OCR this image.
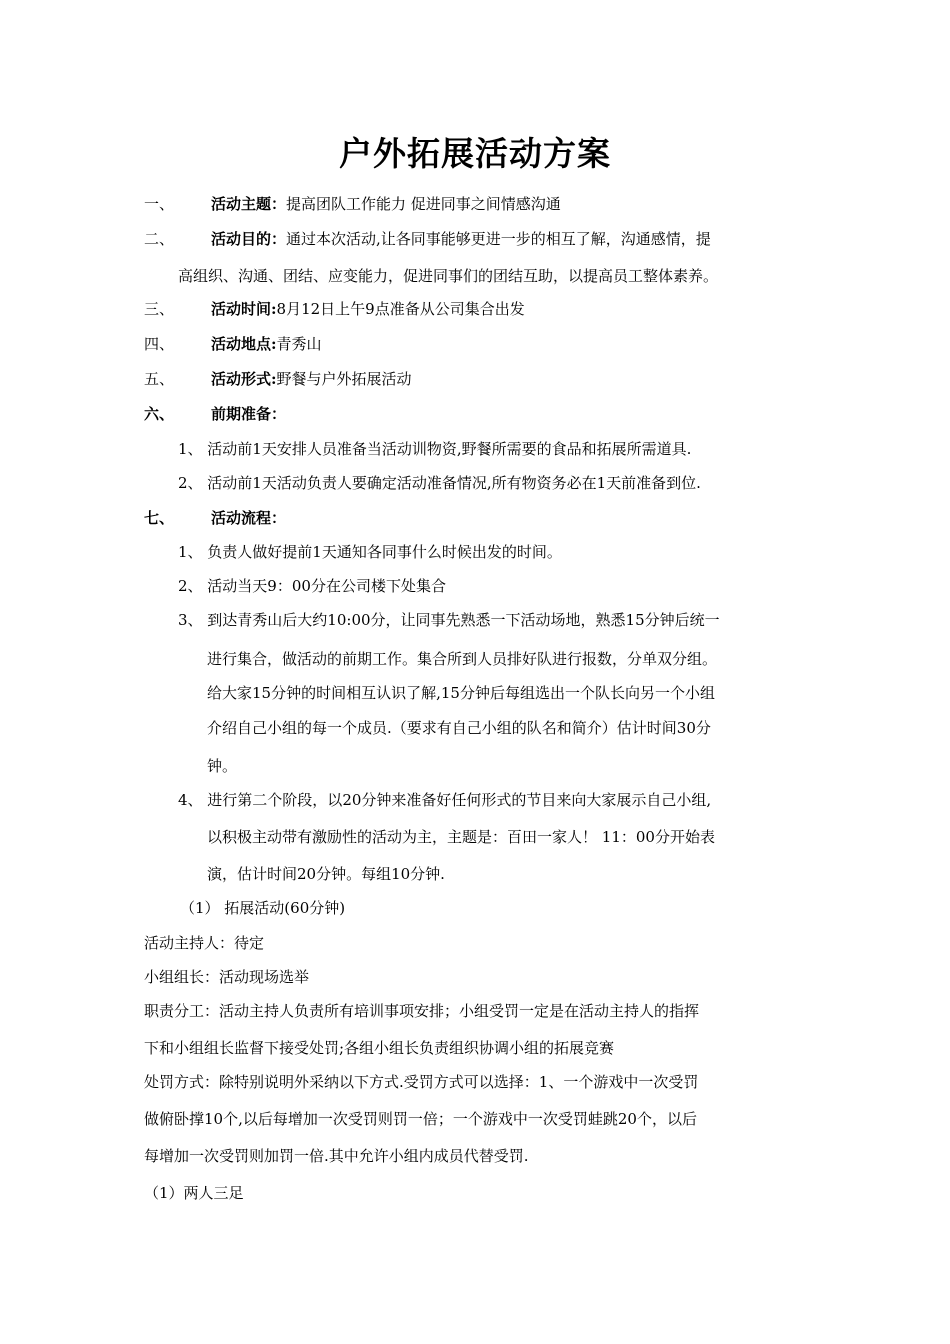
户外拓展活动方案
一、 活动主题：提高团队工作能力 促进同事之间情感沟通
二、 活动目的：通过本次活动,让各同事能够更进一步的相互了解，沟通感情，提
高组织、沟通、团结、应变能力，促进同事们的团结互助，以提高员工整体素养。
三、 活动时间:8月12日上午9点准备从公司集合出发
四、 活动地点:青秀山
五、 活动形式:野餐与户外拓展活动
六、 前期准备：
1、 活动前1天安排人员准备当活动训物资,野餐所需要的食品和拓展所需道具.
2、 活动前1天活动负责人要确定活动准备情况,所有物资务必在1天前准备到位.
七、 活动流程：
1、 负责人做好提前1天通知各同事什么时候出发的时间。
2、 活动当天9：00分在公司楼下处集合
3、 到达青秀山后大约10:00分，让同事先熟悉一下活动场地，熟悉15分钟后统一
进行集合，做活动的前期工作。集合所到人员排好队进行报数，分单双分组。
给大家15分钟的时间相互认识了解,15分钟后每组选出一个队长向另一个小组
介绍自己小组的每一个成员.（要求有自己小组的队名和简介）估计时间30分
钟。
4、 进行第二个阶段，以20分钟来准备好任何形式的节目来向大家展示自己小组,
以积极主动带有激励性的活动为主，主题是：百田一家人！ 11：00分开始表
演，估计时间20分钟。每组10分钟.
（1） 拓展活动(60分钟)
活动主持人：待定
小组组长：活动现场选举
职责分工：活动主持人负责所有培训事项安排；小组受罚一定是在活动主持人的指挥
下和小组组长监督下接受处罚;各组小组长负责组织协调小组的拓展竞赛
处罚方式：除特别说明外采纳以下方式.受罚方式可以选择：1、一个游戏中一次受罚
做俯卧撑10个,以后每增加一次受罚则罚一倍；一个游戏中一次受罚蛙跳20个，以后
每增加一次受罚则加罚一倍.其中允许小组内成员代替受罚.
（1）两人三足
